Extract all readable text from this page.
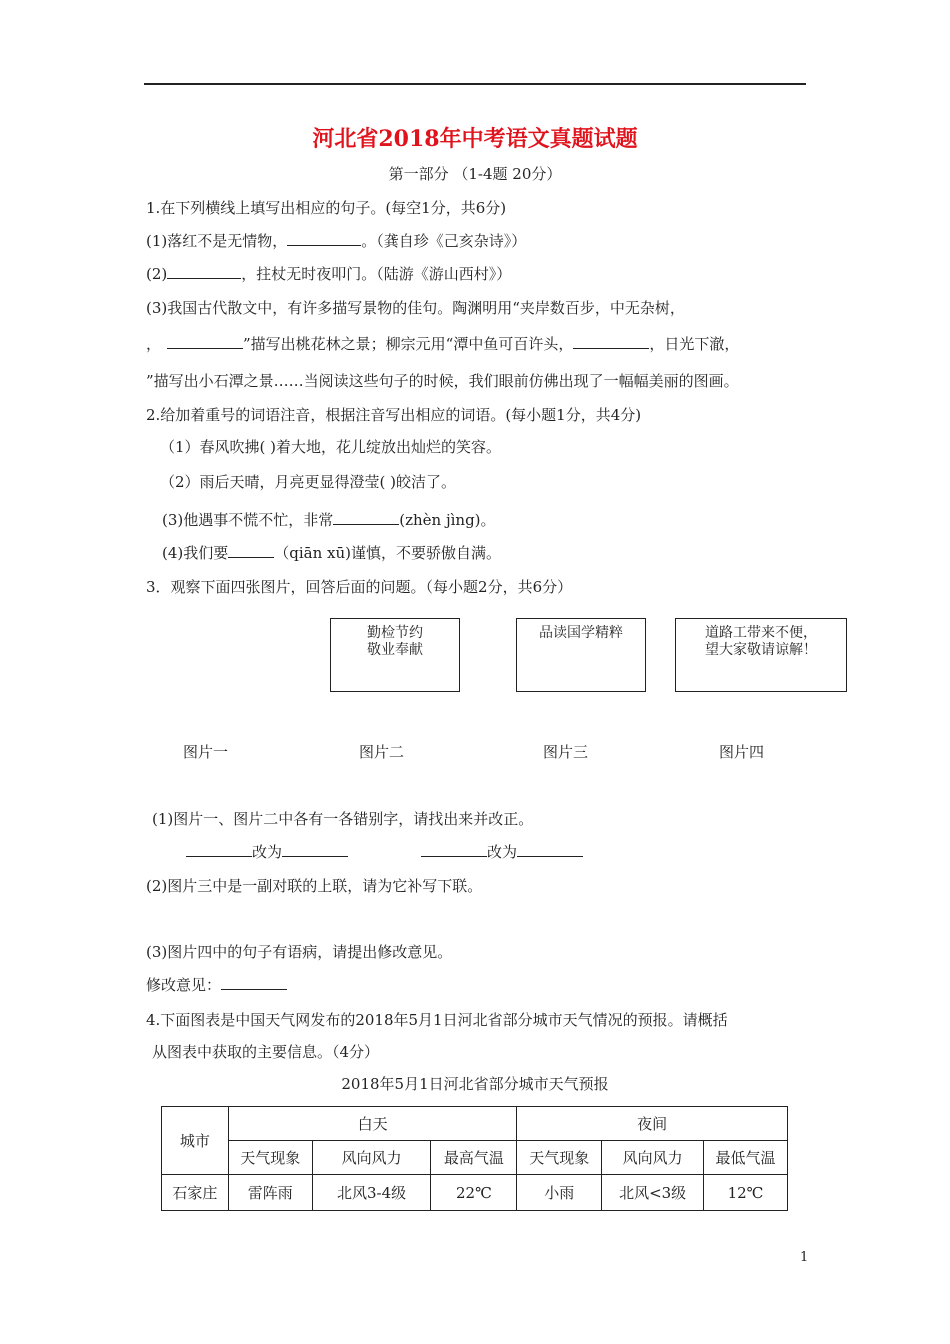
河北省2018年中考语文真题试题
第一部分 （1-4题 20分）
1.在下列横线上填写出相应的句子。(每空1分，共6分)
(1)落红不是无情物，	。（龚自珍《己亥杂诗》）
(2)	，拄杖无时夜叩门。（陆游《游山西村》）
(3)我国古代散文中，有许多描写景物的佳句。陶渊明用“夹岸数百步，中无杂树，
，	”描写出桃花林之景；柳宗元用“潭中鱼可百许头，	，日光下澈，
”描写出小石潭之景……当阅读这些句子的时候，我们眼前仿佛出现了一幅幅美丽的图画。
2.给加着重号的词语注音，根据注音写出相应的词语。(每小题1分，共4分)
（1）春风吹拂( )着大地，花儿绽放出灿烂的笑容。
（2）雨后天晴，月亮更显得澄莹( )皎洁了。
(3)他遇事不慌不忙，非常	(zhèn jìng)。
(4)我们要	（qiān xū)谨慎，不要骄傲自满。
3．观察下面四张图片，回答后面的问题。（每小题2分，共6分）
勤检节约
敬业奉献
品读国学精粹	道路工带来不便，
望大家敬请谅解！
图片一	图片二	图片三	图片四
(1)图片一、图片二中各有一各错别字，请找出来并改正。
改为	改为
(2)图片三中是一副对联的上联，请为它补写下联。
(3)图片四中的句子有语病，请提出修改意见。
修改意见：
4.下面图表是中国天气网发布的2018年5月1日河北省部分城市天气情况的预报。请概括
从图表中获取的主要信息。（4分）
2018年5月1日河北省部分城市天气预报
城市	白天			夜间		
	天气现象	风向风力	最高气温	天气现象	风向风力	最低气温
石家庄	雷阵雨	北风3-4级	22℃	小雨	北风<3级	12℃
1
